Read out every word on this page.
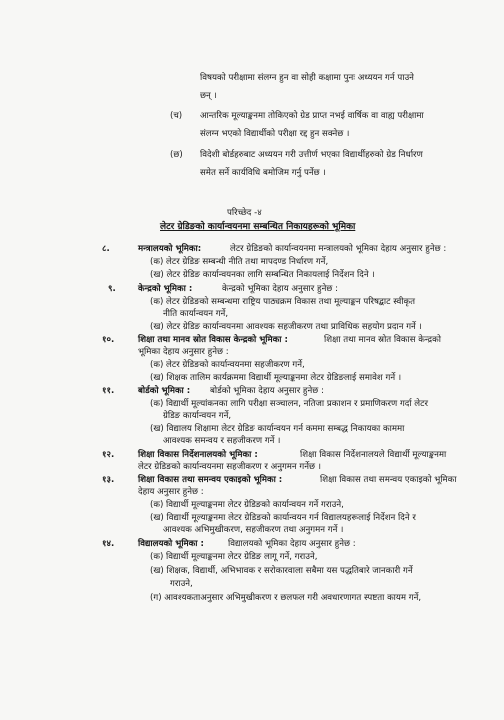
विषयको परीक्षामा संलग्न हुन वा सोही कक्षामा पुनः अध्ययन गर्न पाउने
छन् ।
(च) आन्तरिक मूल्याङ्कनमा तोकिएको ग्रेड प्राप्त नभई वार्षिक वा वाह्य परीक्षामा
संलग्न भएको विद्यार्थीको परीक्षा रद्द हुन सक्नेछ ।
(छ) विदेशी बोर्डहरुबाट अध्ययन गरी उत्तीर्ण भएका विद्यार्थीहरुको ग्रेड निर्धारण
समेत सर्ने कार्यविधि बमोजिम गर्नु पर्नेछ ।
परिच्छेद -४
लेटर ग्रेडिङको कार्यान्वयनमा सम्बन्धित निकायहरूको भूमिका
८.	मन्त्रालयको भूमिका:	लेटर ग्रेडिङको कार्यान्वयनमा मन्त्रालयको भूमिका देहाय अनुसार हुनेछ :
(क) लेटर ग्रेडिङ सम्बन्धी नीति तथा मापदण्ड निर्धारण गर्ने,
(ख) लेटर ग्रेडिङ कार्यान्वयनका लागि सम्बन्धित निकायलाई निर्देशन दिने ।
९.	केन्द्रको भूमिका :	केन्द्रको भूमिका देहाय अनुसार हुनेछ :
(क) लेटर ग्रेडिङको सम्बन्धमा राष्ट्रिय पाठ्यक्रम विकास तथा मूल्याङ्कन परिषद्बाट स्वीकृत
नीति कार्यान्वयन गर्ने,
(ख) लेटर ग्रेडिङ कार्यान्वयनमा आवश्यक सहजीकरण तथा प्राविधिक सहयोग प्रदान गर्ने ।
१०.	शिक्षा तथा मानव स्रोत विकास केन्द्रको भूमिका :	शिक्षा तथा मानव स्रोत विकास केन्द्रको
भूमिका देहाय अनुसार हुनेछ :
(क) लेटर ग्रेडिङको कार्यान्वयनमा सहजीकरण गर्ने,
(ख) शिक्षक तालिम कार्यक्रममा विद्यार्थी मूल्याङ्कनमा लेटर ग्रेडिङलाई समावेश गर्ने ।
११.	बोर्डको भूमिका : बोर्डको भूमिका देहाय अनुसार हुनेछ :
(क) विद्यार्थी मूल्यांकनका लागि परीक्षा सञ्चालन, नतिजा प्रकाशन र प्रमाणिकरण गर्दा लेटर
ग्रेडिङ कार्यान्वयन गर्ने,
(ख) विद्यालय शिक्षामा लेटर ग्रेडिङ कार्यान्वयन गर्न कममा सम्बद्ध निकायका काममा
आवश्यक समन्वय र सहजीकरण गर्ने ।
१२.	शिक्षा विकास निर्देशनालयको भूमिका :	शिक्षा विकास निर्देशनालयले विद्यार्थी मूल्याङ्कनमा
लेटर ग्रेडिङको कार्यान्वयनमा सहजीकरण र अनुगमन गर्नेछ ।
१३.	शिक्षा विकास तथा समन्वय एकाइको भूमिका :	शिक्षा विकास तथा समन्वय एकाइको भूमिका
देहाय अनुसार हुनेछ :
(क) विद्यार्थी मूल्याङ्कनमा लेटर ग्रेडिङको कार्यान्वयन गर्ने गराउने,
(ख) विद्यार्थी मूल्याङ्कनमा लेटर ग्रेडिङको कार्यान्वयन गर्न विद्यालयहरूलाई निर्देशन दिने र
आवश्यक अभिमुखीकरण, सहजीकरण तथा अनुगमन गर्ने ।
१४.	विद्यालयको भूमिका :	विद्यालयको भूमिका देहाय अनुसार हुनेछ :
(क) विद्यार्थी मूल्याङ्कनमा लेटर ग्रेडिङ लागू गर्ने, गराउने,
(ख) शिक्षक, विद्यार्थी, अभिभावक र सरोकारवाला सबैमा यस पद्धतिबारे जानकारी गर्ने
गराउने,
(ग) आवश्यकताअनुसार अभिमुखीकरण र छलफल गरी अवधारणागत स्पष्टता कायम गर्ने,
